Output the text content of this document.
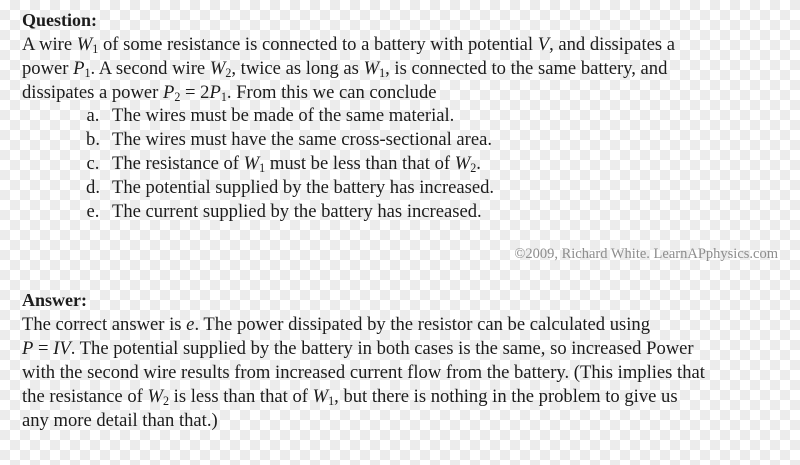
Question:
A wire $W_1$ of some resistance is connected to a battery with potential V, and dissipates a
power $P_1$. A second wire $W_2$, twice as long as $W_1$, is connected to the same battery, and
dissipates a power $P_2 = 2P_1$. From this we can conclude
a. The wires must be made of the same material.
b. The wires must have the same cross-sectional area.
c. The resistance of $W_1$ must be less than that of $W_2$.
d. The potential supplied by the battery has increased.
e. The current supplied by the battery has increased.
©2009, Richard White. LearnAPphysics.com
Answer:
The correct answer is e. The power dissipated by the resistor can be calculated using
P = IV. The potential supplied by the battery in both cases is the same, so increased Power
with the second wire results from increased current flow from the battery. (This implies that
the resistance of $W_2$ is less than that of $W_1$, but there is nothing in the problem to give us
any more detail than that.)
